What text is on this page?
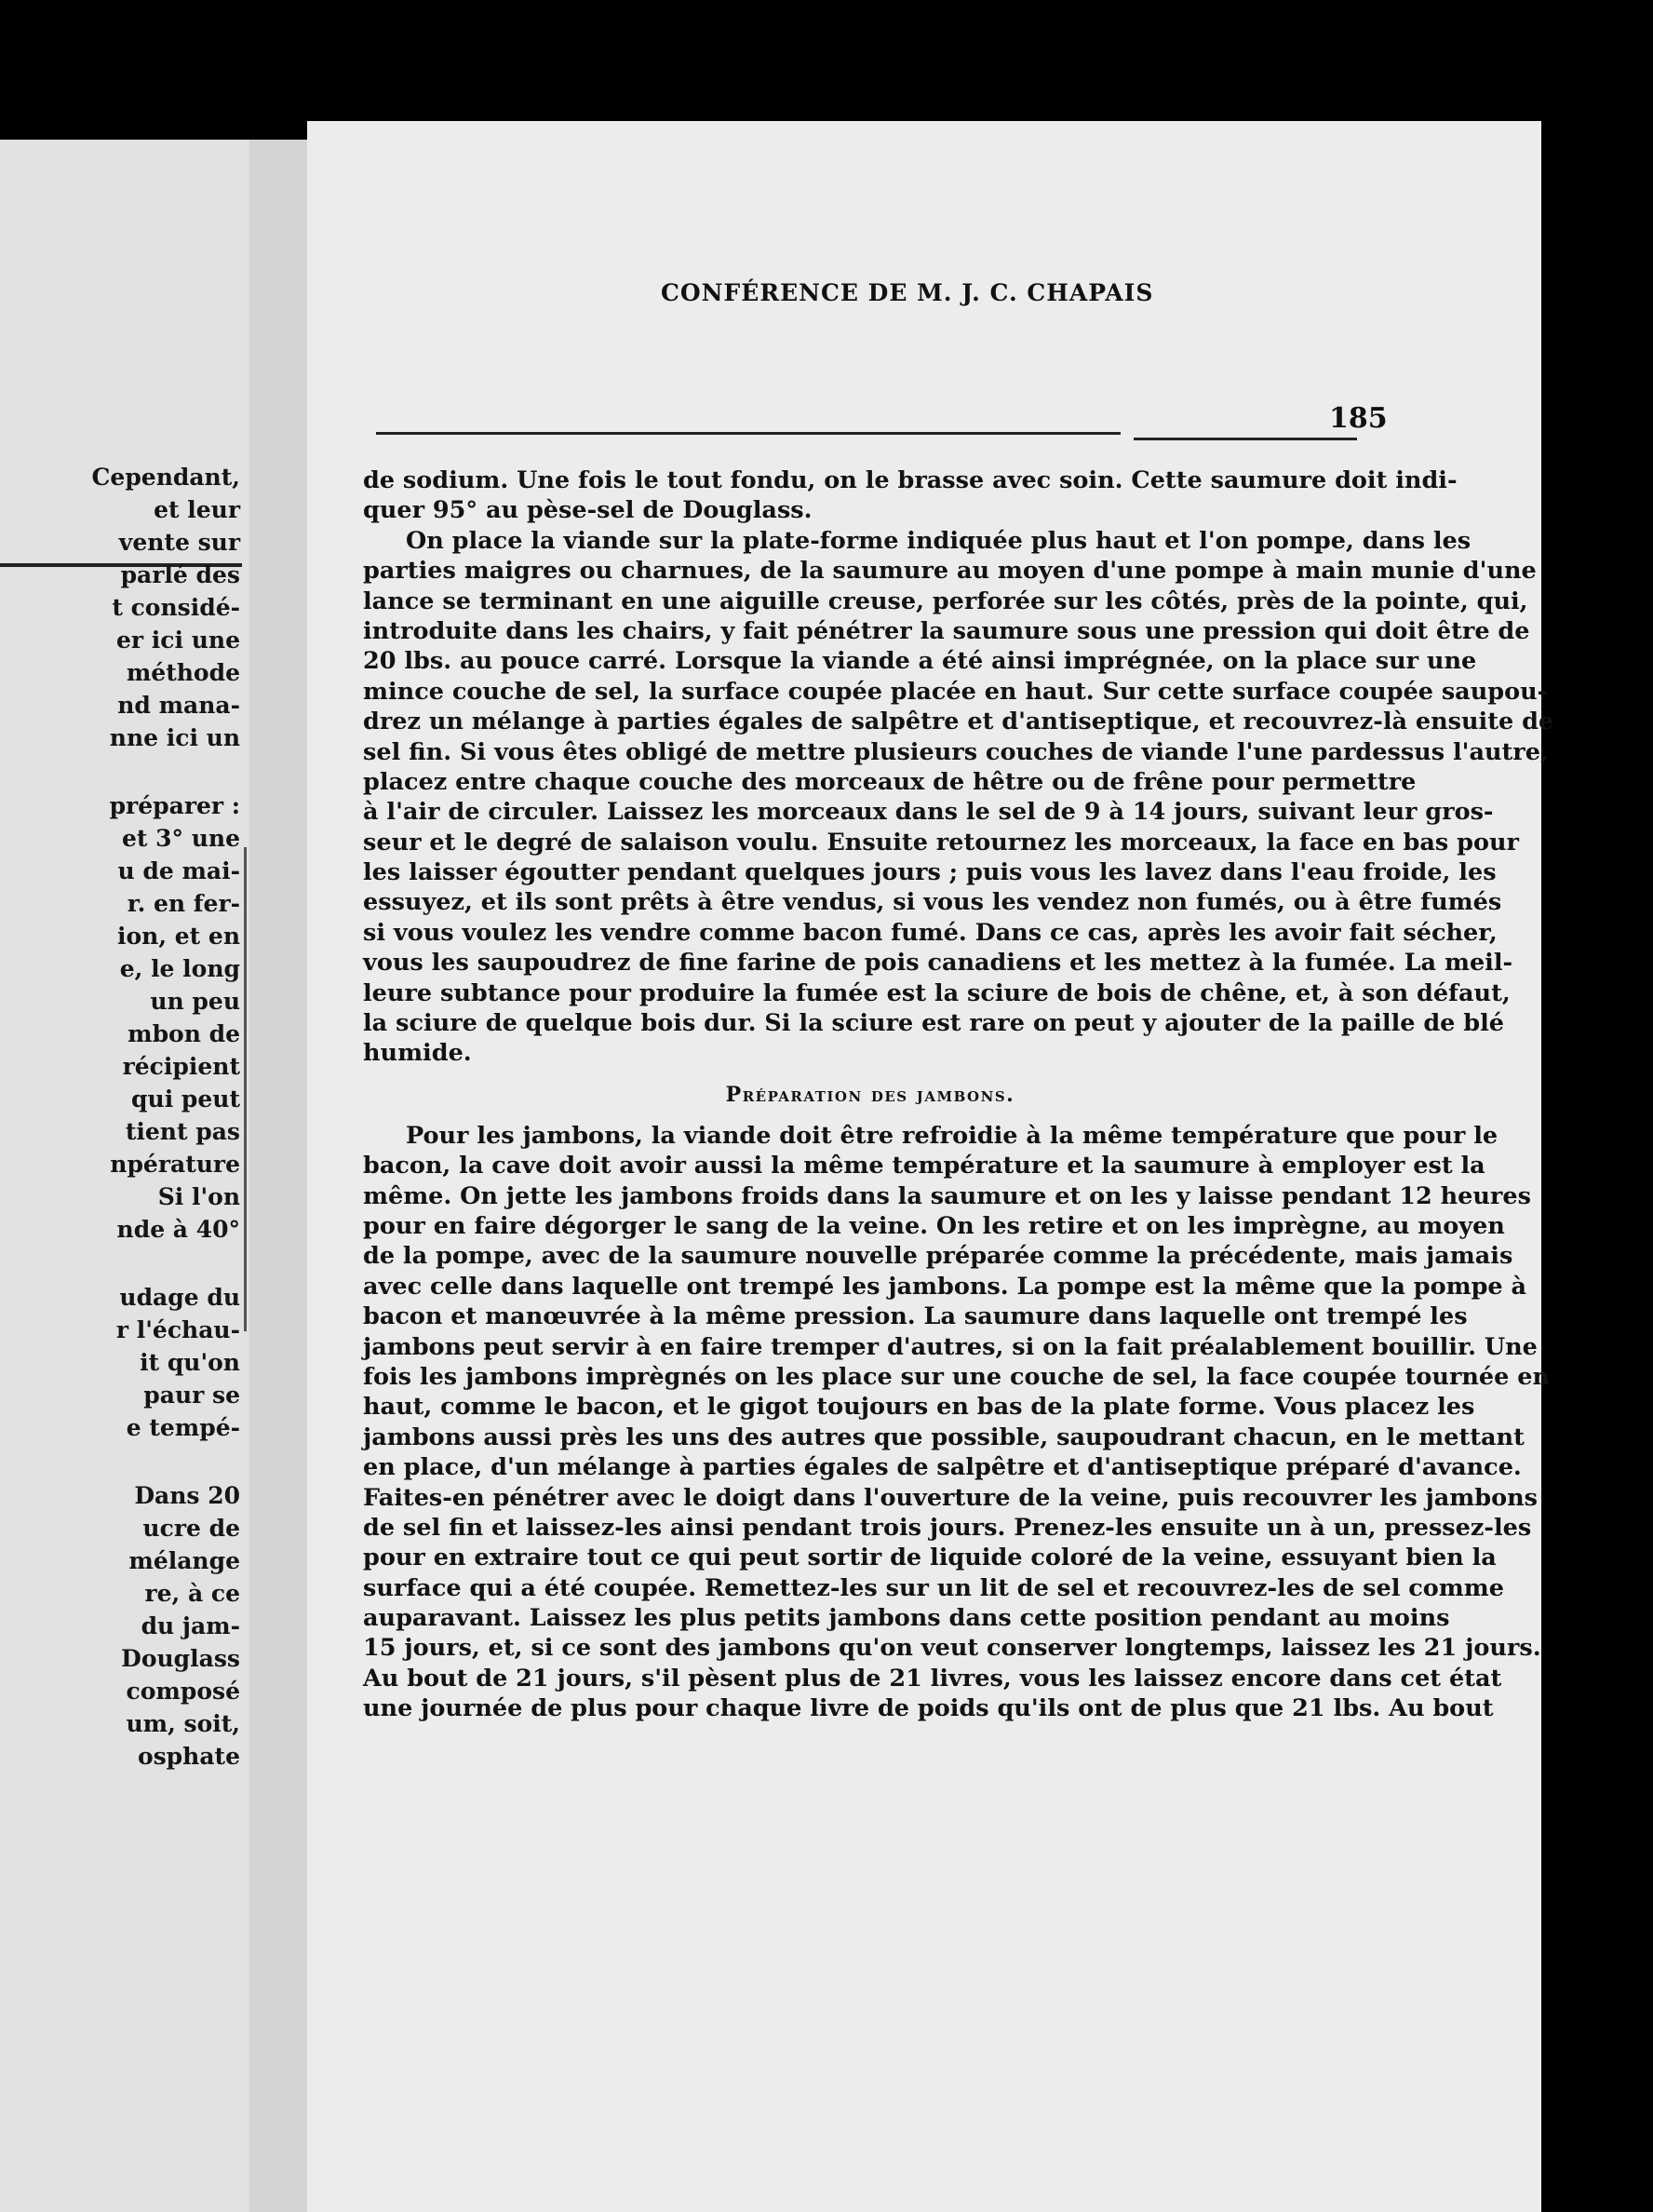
Cependant,
et leur
vente sur
parlé des
t considé-
er ici une
méthode
nd mana-
nne ici un
préparer :
et 3° une
u de mai-
r. en fer-
ion, et en
e, le long
un peu
mbon de
récipient
qui peut
tient pas
npérature
Si l'on
nde à 40°
udage du
r l'échau-
it qu'on
paur se
e tempé-
Dans 20
ucre de
mélange
re, à ce
du jam-
Douglass
composé
um, soit,
osphate
CONFÉRENCE DE M. J. C. CHAPAIS
185
de sodium. Une fois le tout fondu, on le brasse avec soin. Cette saumure doit indi-
quer 95° au pèse-sel de Douglass.
On place la viande sur la plate-forme indiquée plus haut et l'on pompe, dans les
parties maigres ou charnues, de la saumure au moyen d'une pompe à main munie d'une
lance se terminant en une aiguille creuse, perforée sur les côtés, près de la pointe, qui,
introduite dans les chairs, y fait pénétrer la saumure sous une pression qui doit être de
20 lbs. au pouce carré. Lorsque la viande a été ainsi imprégnée, on la place sur une
mince couche de sel, la surface coupée placée en haut. Sur cette surface coupée saupou-
drez un mélange à parties égales de salpêtre et d'antiseptique, et recouvrez-là ensuite de
sel fin. Si vous êtes obligé de mettre plusieurs couches de viande l'une pardessus l'autre,
placez entre chaque couche des morceaux de hêtre ou de frêne pour permettre
à l'air de circuler. Laissez les morceaux dans le sel de 9 à 14 jours, suivant leur gros-
seur et le degré de salaison voulu. Ensuite retournez les morceaux, la face en bas pour
les laisser égoutter pendant quelques jours ; puis vous les lavez dans l'eau froide, les
essuyez, et ils sont prêts à être vendus, si vous les vendez non fumés, ou à être fumés
si vous voulez les vendre comme bacon fumé. Dans ce cas, après les avoir fait sécher,
vous les saupoudrez de fine farine de pois canadiens et les mettez à la fumée. La meil-
leure subtance pour produire la fumée est la sciure de bois de chêne, et, à son défaut,
la sciure de quelque bois dur. Si la sciure est rare on peut y ajouter de la paille de blé
humide.
Préparation des jambons.
Pour les jambons, la viande doit être refroidie à la même température que pour le
bacon, la cave doit avoir aussi la même température et la saumure à employer est la
même. On jette les jambons froids dans la saumure et on les y laisse pendant 12 heures
pour en faire dégorger le sang de la veine. On les retire et on les imprègne, au moyen
de la pompe, avec de la saumure nouvelle préparée comme la précédente, mais jamais
avec celle dans laquelle ont trempé les jambons. La pompe est la même que la pompe à
bacon et manœuvrée à la même pression. La saumure dans laquelle ont trempé les
jambons peut servir à en faire tremper d'autres, si on la fait préalablement bouillir. Une
fois les jambons imprègnés on les place sur une couche de sel, la face coupée tournée en
haut, comme le bacon, et le gigot toujours en bas de la plate forme. Vous placez les
jambons aussi près les uns des autres que possible, saupoudrant chacun, en le mettant
en place, d'un mélange à parties égales de salpêtre et d'antiseptique préparé d'avance.
Faites-en pénétrer avec le doigt dans l'ouverture de la veine, puis recouvrer les jambons
de sel fin et laissez-les ainsi pendant trois jours. Prenez-les ensuite un à un, pressez-les
pour en extraire tout ce qui peut sortir de liquide coloré de la veine, essuyant bien la
surface qui a été coupée. Remettez-les sur un lit de sel et recouvrez-les de sel comme
auparavant. Laissez les plus petits jambons dans cette position pendant au moins
15 jours, et, si ce sont des jambons qu'on veut conserver longtemps, laissez les 21 jours.
Au bout de 21 jours, s'il pèsent plus de 21 livres, vous les laissez encore dans cet état
une journée de plus pour chaque livre de poids qu'ils ont de plus que 21 lbs. Au bout
